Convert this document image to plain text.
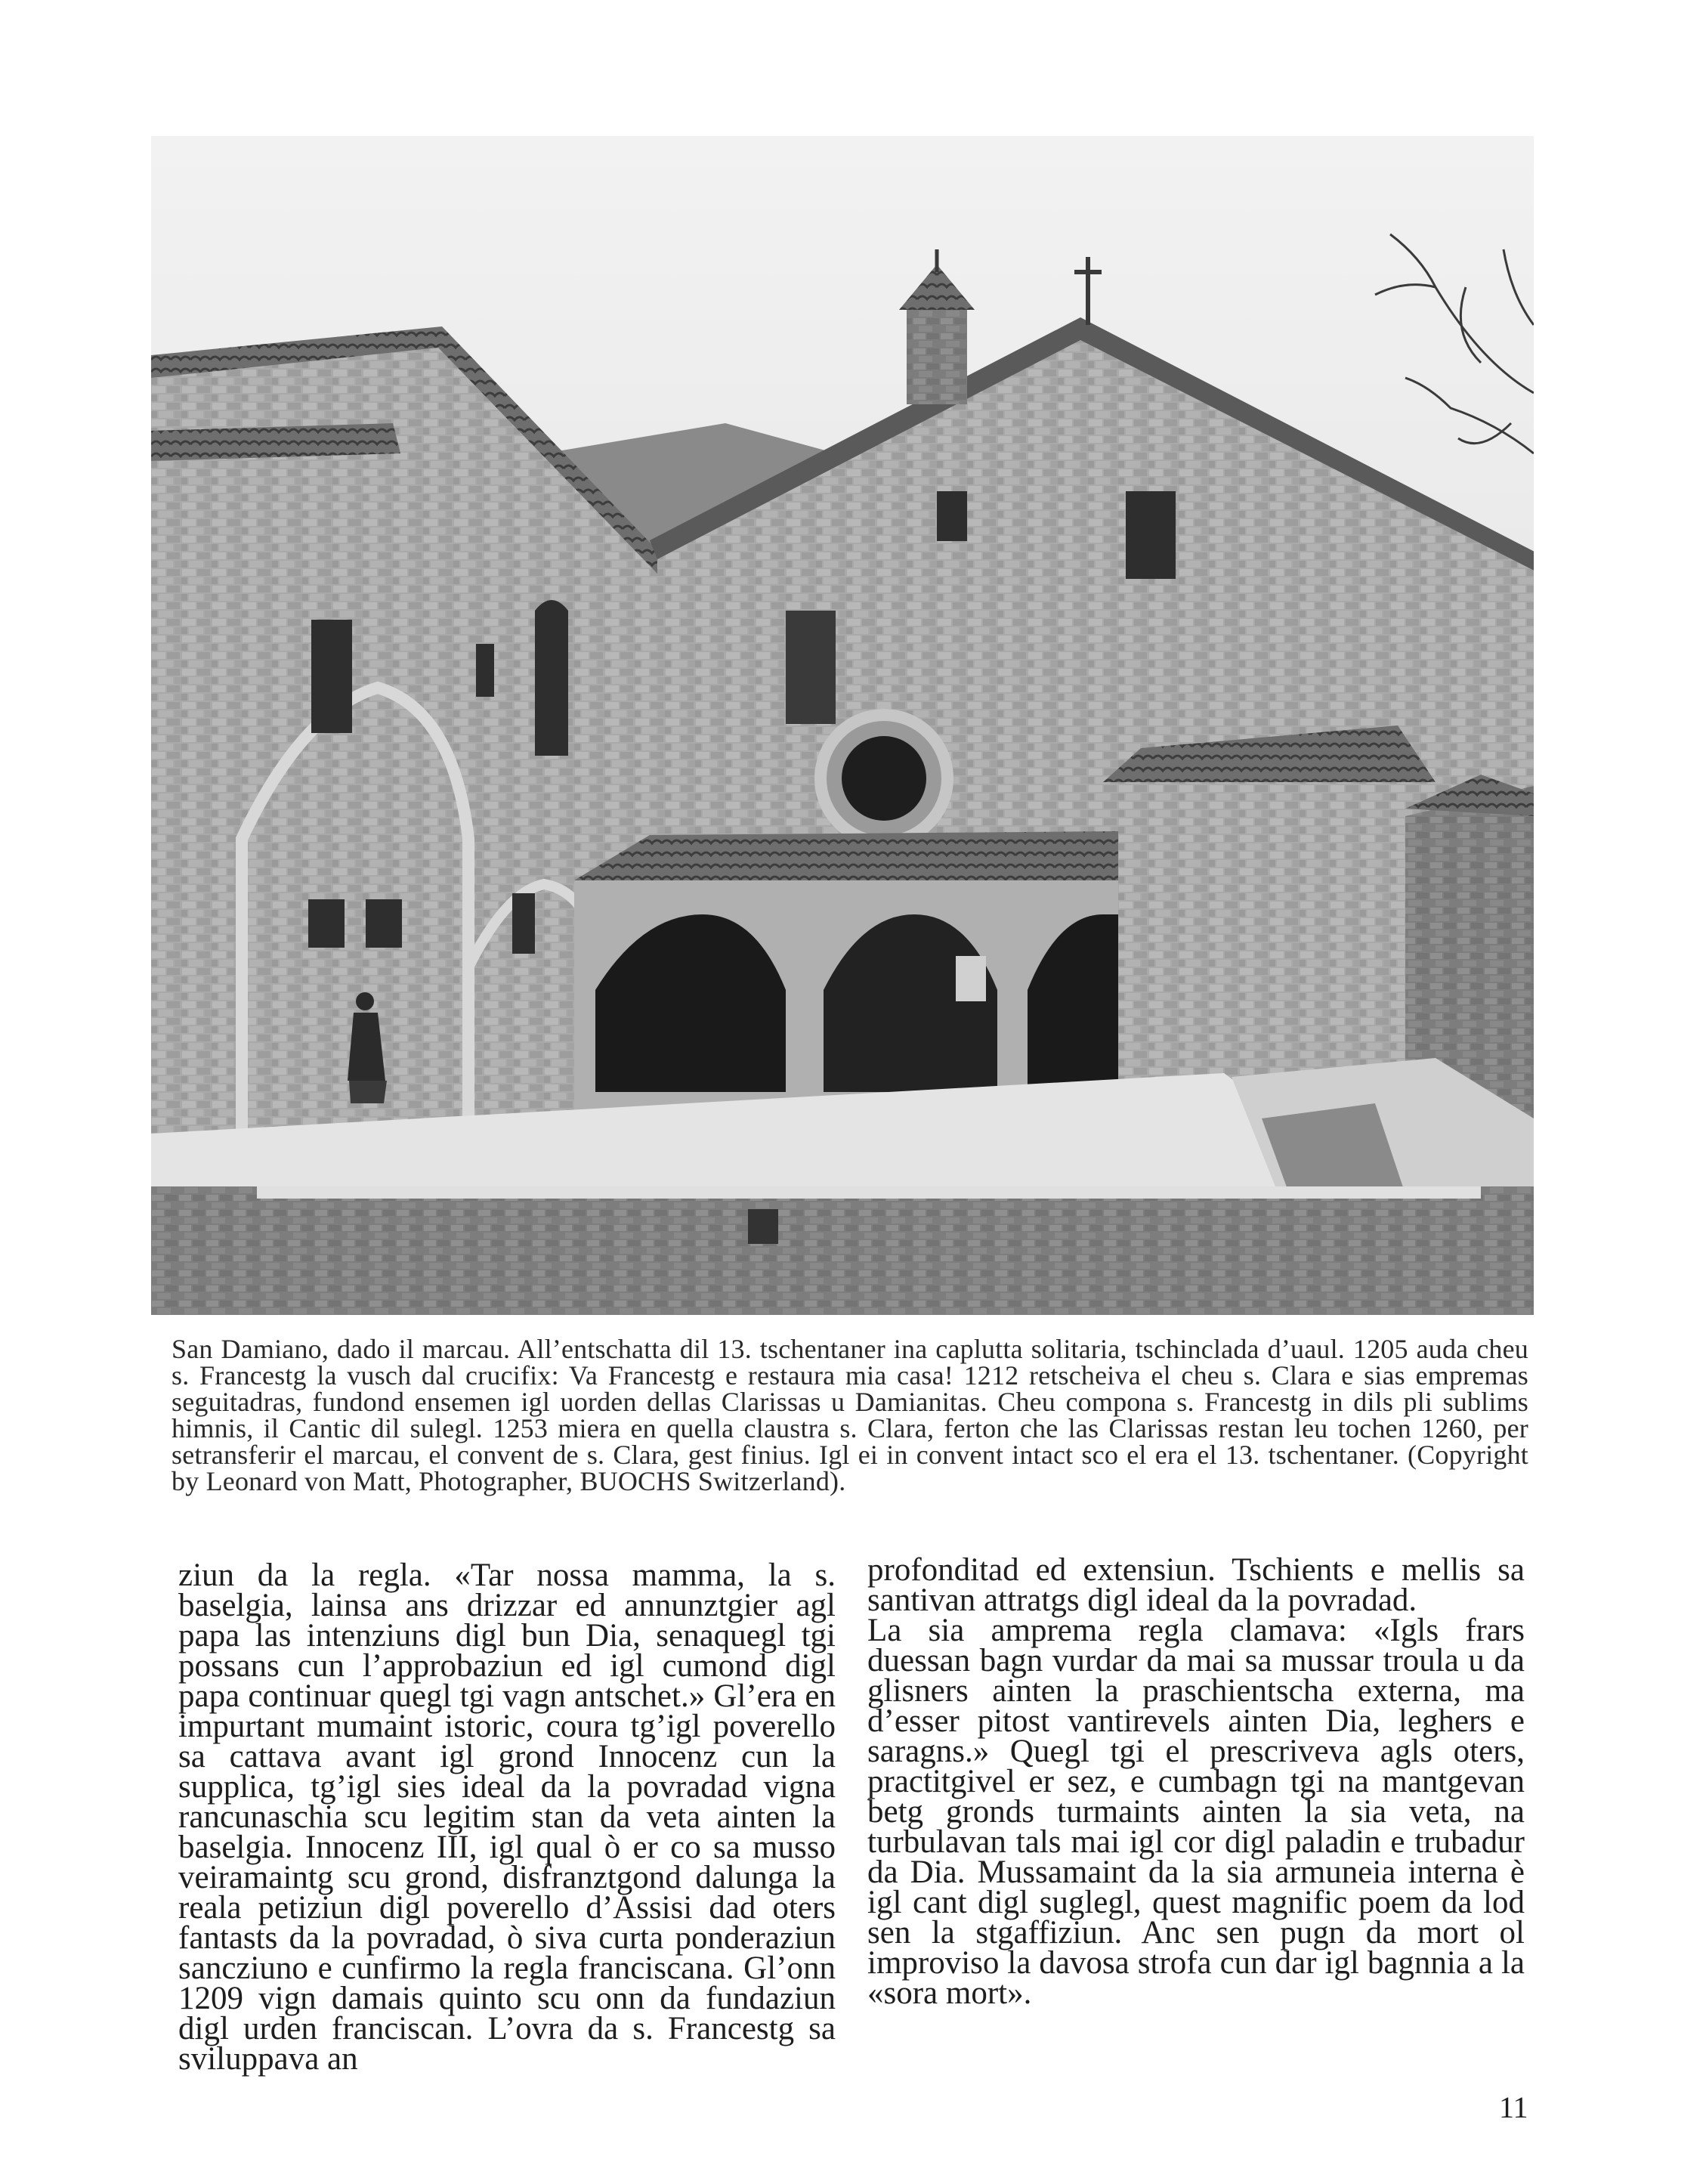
San Damiano, dado il marcau. All’entschatta dil 13. tschentaner ina caplutta solitaria, tschinclada d’uaul. 1205 auda cheu s. Francestg la vusch dal crucifix: Va Francestg e restaura mia casa! 1212 retscheiva el cheu s. Clara e sias empremas seguitadras, fundond ensemen igl uorden dellas Clarissas u Damianitas. Cheu compona s. Francestg in dils pli sublims himnis, il Cantic dil sulegl. 1253 miera en quella claustra s. Clara, ferton che las Clarissas restan leu tochen 1260, per setransferir el marcau, el convent de s. Clara, gest finius. Igl ei in convent intact sco el era el 13. tschentaner. (Copyright by Leonard von Matt, Photographer, BUOCHS Switzerland).

ziun da la regla. «Tar nossa mamma, la s. baselgia, lainsa ans drizzar ed annunztgier agl papa las intenziuns digl bun Dia, senaquegl tgi possans cun l’approbaziun ed igl cumond digl papa continuar quegl tgi vagn antschet.» Gl’era en impurtant mumaint istoric, coura tg’igl poverello sa cattava avant igl grond Innocenz cun la supplica, tg’igl sies ideal da la povradad vigna rancunaschia scu legitim stan da veta ainten la baselgia. Innocenz III, igl qual ò er co sa musso veiramaintg scu grond, disfranztgond dalunga la reala petiziun digl poverello d’Assisi dad oters fantasts da la povradad, ò siva curta ponderaziun sancziuno e cunfirmo la regla franciscana. Gl’onn 1209 vign damais quinto scu onn da fundaziun digl urden franciscan. L’ovra da s. Francestg sa sviluppava an

profonditad ed extensiun. Tschients e mellis sa santivan attratgs digl ideal da la povradad.

La sia amprema regla clamava: «Igls frars duessan bagn vurdar da mai sa mussar troula u da glisners ainten la praschientscha externa, ma d’esser pitost vantirevels ainten Dia, leghers e saragns.» Quegl tgi el prescriveva agls oters, practitgivel er sez, e cumbagn tgi na mantgevan betg gronds turmaints ainten la sia veta, na turbulavan tals mai igl cor digl paladin e trubadur da Dia. Mussamaint da la sia armuneia interna è igl cant digl suglegl, quest magnific poem da lod sen la stgaffiziun. Anc sen pugn da mort ol improviso la davosa strofa cun dar igl bagnnia a la «sora mort».

11
